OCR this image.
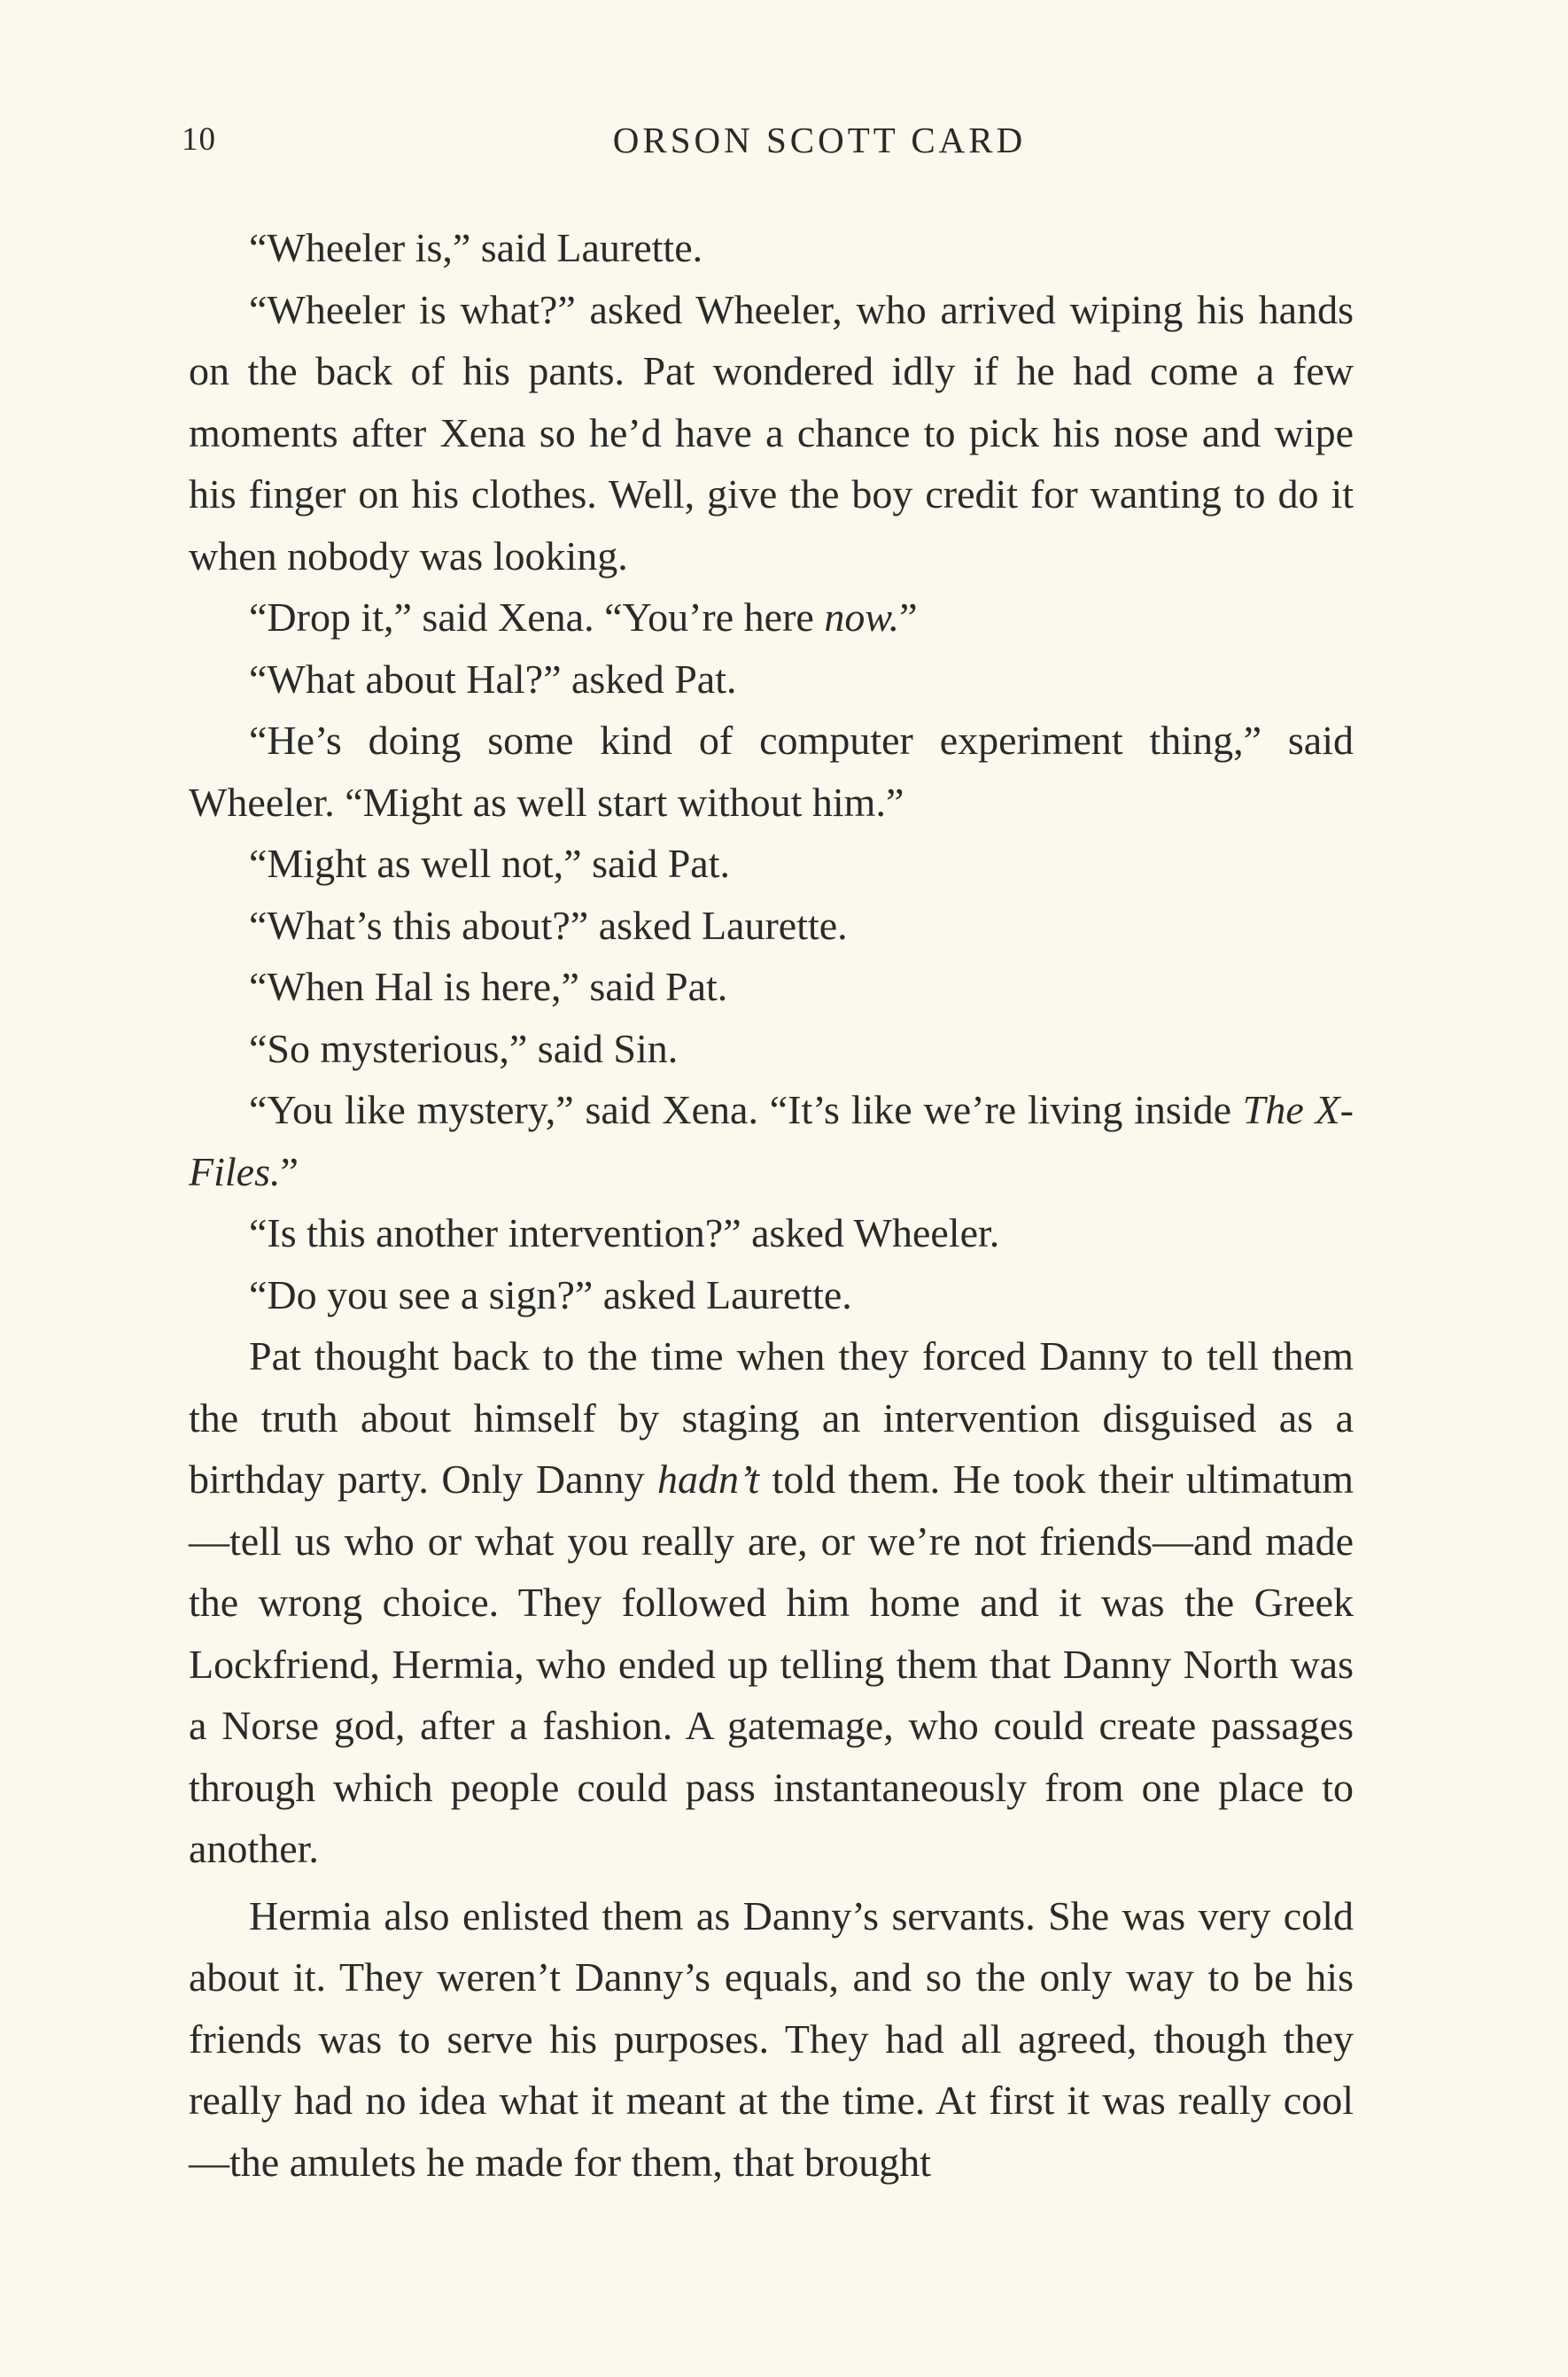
10	ORSON SCOTT CARD

“Wheeler is,” said Laurette.

“Wheeler is what?” asked Wheeler, who arrived wiping his hands on the back of his pants. Pat wondered idly if he had come a few moments after Xena so he’d have a chance to pick his nose and wipe his finger on his clothes. Well, give the boy credit for wanting to do it when nobody was looking.

“Drop it,” said Xena. “You’re here now.”

“What about Hal?” asked Pat.

“He’s doing some kind of computer experiment thing,” said Wheeler. “Might as well start without him.”

“Might as well not,” said Pat.

“What’s this about?” asked Laurette.

“When Hal is here,” said Pat.

“So mysterious,” said Sin.

“You like mystery,” said Xena. “It’s like we’re living inside The X-Files.”

“Is this another intervention?” asked Wheeler.

“Do you see a sign?” asked Laurette.

Pat thought back to the time when they forced Danny to tell them the truth about himself by staging an intervention disguised as a birthday party. Only Danny hadn’t told them. He took their ultimatum—tell us who or what you really are, or we’re not friends—and made the wrong choice. They followed him home and it was the Greek Lockfriend, Hermia, who ended up telling them that Danny North was a Norse god, after a fashion. A gatemage, who could create passages through which people could pass instantaneously from one place to another.

Hermia also enlisted them as Danny’s servants. She was very cold about it. They weren’t Danny’s equals, and so the only way to be his friends was to serve his purposes. They had all agreed, though they really had no idea what it meant at the time. At first it was really cool—the amulets he made for them, that brought
